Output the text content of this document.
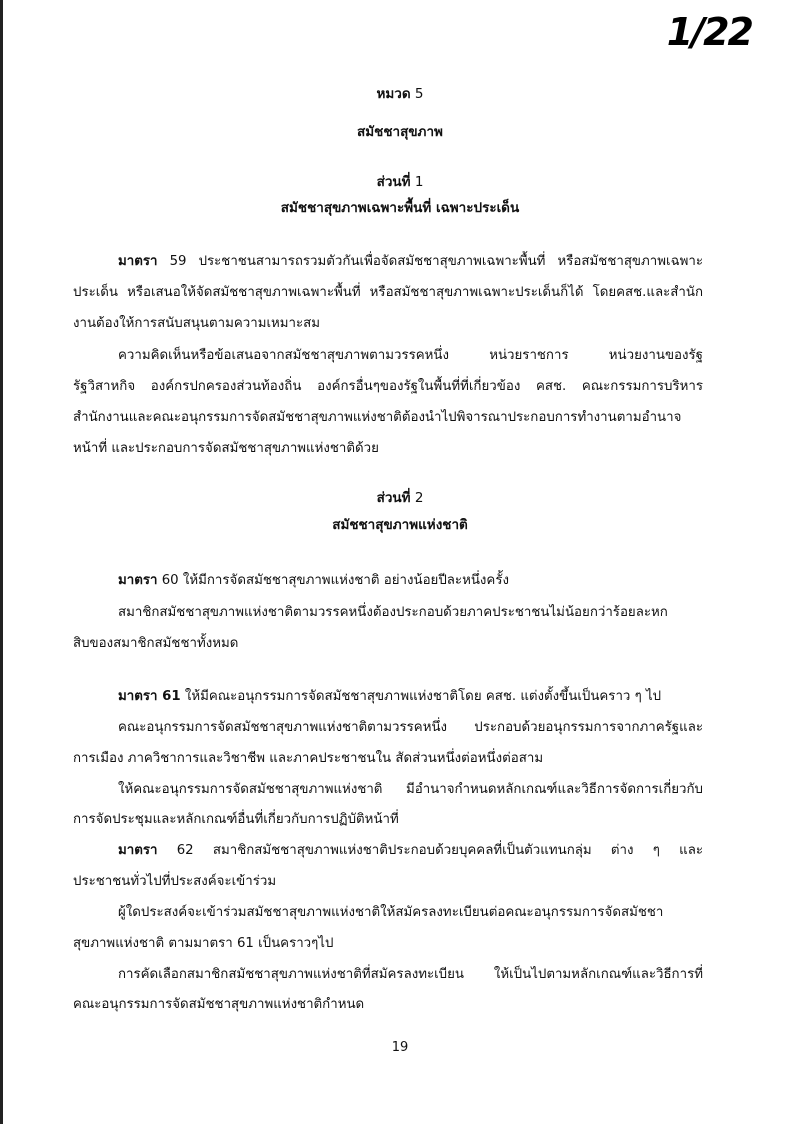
1/22
หมวด 5
สมัชชาสุขภาพ
ส่วนที่ 1
สมัชชาสุขภาพเฉพาะพื้นที่ เฉพาะประเด็น
มาตรา 59 ประชาชนสามารถรวมตัวกันเพื่อจัดสมัชชาสุขภาพเฉพาะพื้นที่ หรือสมัชชาสุขภาพเฉพาะ
ประเด็น หรือเสนอให้จัดสมัชชาสุขภาพเฉพาะพื้นที่ หรือสมัชชาสุขภาพเฉพาะประเด็นก็ได้ โดยคสช.และสำนัก
งานต้องให้การสนับสนุนตามความเหมาะสม
ความคิดเห็นหรือข้อเสนอจากสมัชชาสุขภาพตามวรรคหนึ่ง หน่วยราชการ หน่วยงานของรัฐ
รัฐวิสาหกิจ องค์กรปกครองส่วนท้องถิ่น องค์กรอื่นๆของรัฐในพื้นที่ที่เกี่ยวข้อง คสช. คณะกรรมการบริหาร
สำนักงานและคณะอนุกรรมการจัดสมัชชาสุขภาพแห่งชาติต้องนำไปพิจารณาประกอบการทำงานตามอำนาจ
หน้าที่ และประกอบการจัดสมัชชาสุขภาพแห่งชาติด้วย
ส่วนที่ 2
สมัชชาสุขภาพแห่งชาติ
มาตรา 60 ให้มีการจัดสมัชชาสุขภาพแห่งชาติ อย่างน้อยปีละหนึ่งครั้ง
สมาชิกสมัชชาสุขภาพแห่งชาติตามวรรคหนึ่งต้องประกอบด้วยภาคประชาชนไม่น้อยกว่าร้อยละหก
สิบของสมาชิกสมัชชาทั้งหมด
มาตรา 61 ให้มีคณะอนุกรรมการจัดสมัชชาสุขภาพแห่งชาติโดย คสช. แต่งตั้งขึ้นเป็นคราว ๆ ไป
คณะอนุกรรมการจัดสมัชชาสุขภาพแห่งชาติตามวรรคหนึ่ง ประกอบด้วยอนุกรรมการจากภาครัฐและ
การเมือง ภาควิชาการและวิชาชีพ และภาคประชาชนใน สัดส่วนหนึ่งต่อหนึ่งต่อสาม
ให้คณะอนุกรรมการจัดสมัชชาสุขภาพแห่งชาติ มีอำนาจกำหนดหลักเกณฑ์และวิธีการจัดการเกี่ยวกับ
การจัดประชุมและหลักเกณฑ์อื่นที่เกี่ยวกับการปฏิบัติหน้าที่
มาตรา 62 สมาชิกสมัชชาสุขภาพแห่งชาติประกอบด้วยบุคคลที่เป็นตัวแทนกลุ่ม ต่าง ๆ และ
ประชาชนทั่วไปที่ประสงค์จะเข้าร่วม
ผู้ใดประสงค์จะเข้าร่วมสมัชชาสุขภาพแห่งชาติให้สมัครลงทะเบียนต่อคณะอนุกรรมการจัดสมัชชา
สุขภาพแห่งชาติ ตามมาตรา 61 เป็นคราวๆไป
การคัดเลือกสมาชิกสมัชชาสุขภาพแห่งชาติที่สมัครลงทะเบียน ให้เป็นไปตามหลักเกณฑ์และวิธีการที่
คณะอนุกรรมการจัดสมัชชาสุขภาพแห่งชาติกำหนด
19
